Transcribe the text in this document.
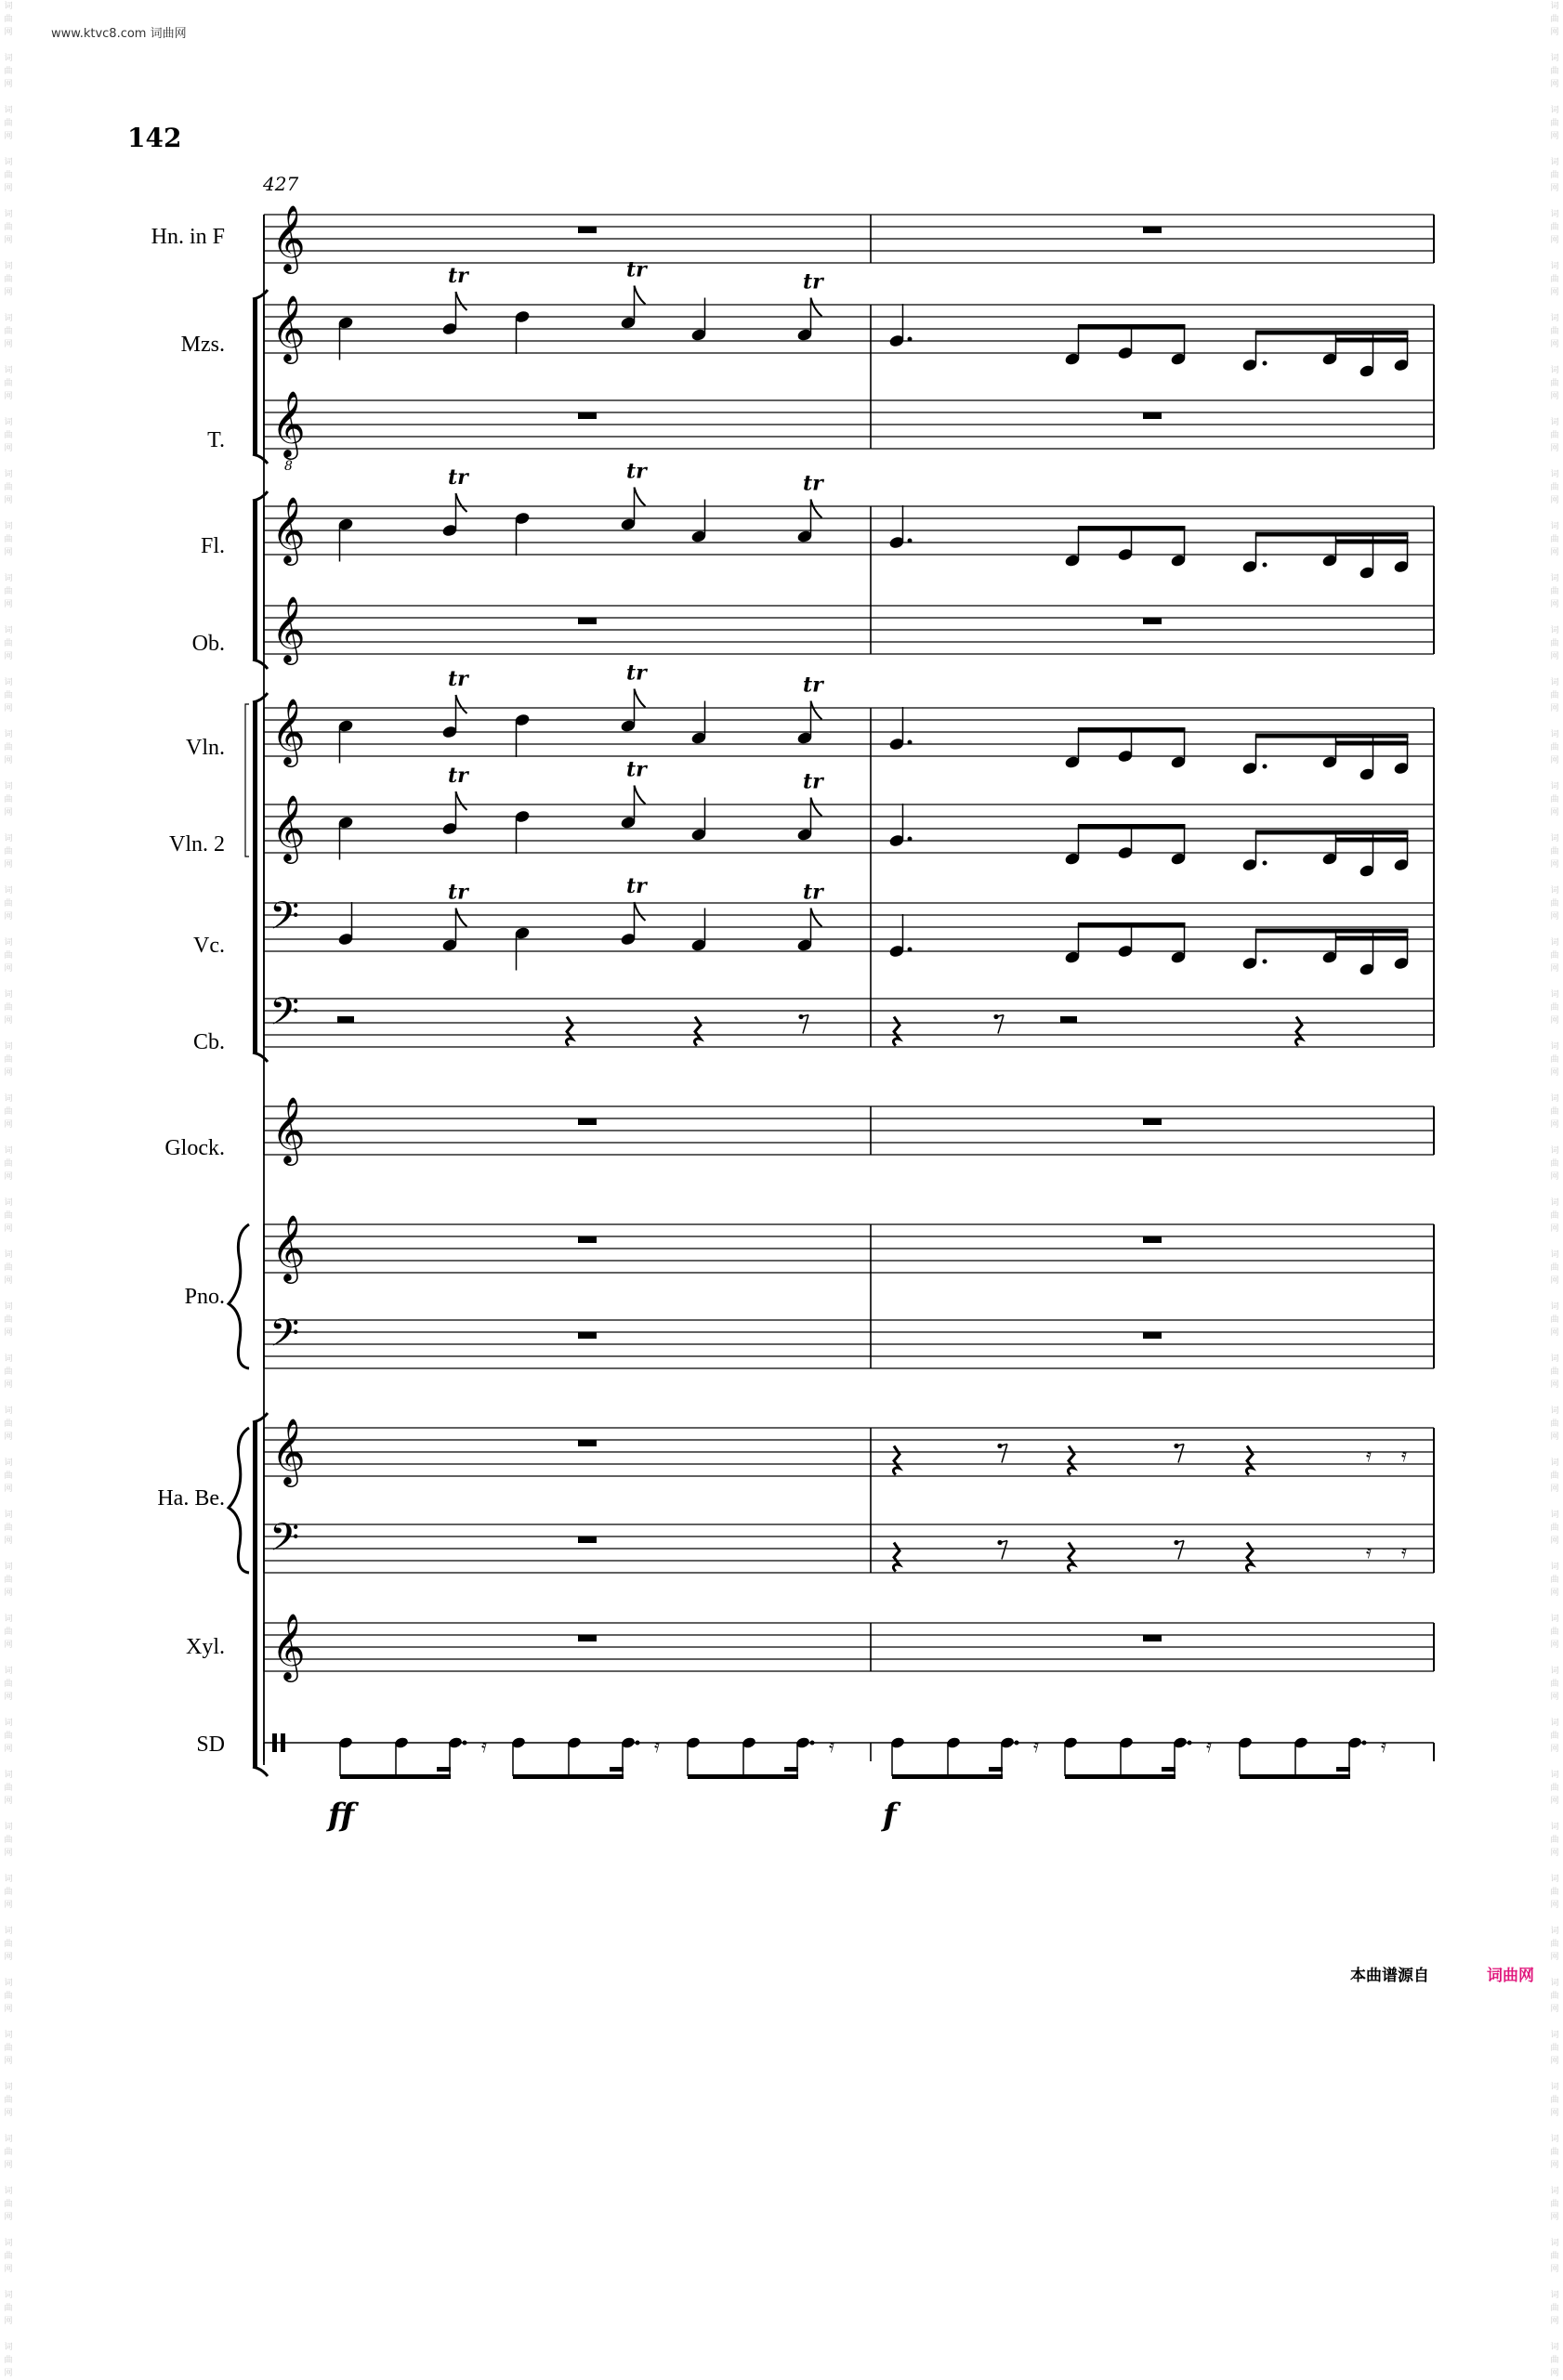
www.ktvc8.com 词曲网
142
427
词
曲
网

词
曲
网

词
曲
网

词
曲
网

词
曲
网

词
曲
网

词
曲
网

词
曲
网

词
曲
网

词
曲
网

词
曲
网

词
曲
网

词
曲
网

词
曲
网

词
曲
网

词
曲
网

词
曲
网

词
曲
网

词
曲
网

词
曲
网

词
曲
网

词
曲
网

词
曲
网

词
曲
网

词
曲
网

词
曲
网

词
曲
网

词
曲
网

词
曲
网

词
曲
网

词
曲
网

词
曲
网

词
曲
网

词
曲
网

词
曲
网

词
曲
网

词
曲
网

词
曲
网

词
曲
网

词
曲
网

词
曲
网

词
曲
网

词
曲
网

词
曲
网

词
曲
网

词
曲
网
词
曲
网

词
曲
网

词
曲
网

词
曲
网

词
曲
网

词
曲
网

词
曲
网

词
曲
网

词
曲
网

词
曲
网

词
曲
网

词
曲
网

词
曲
网

词
曲
网

词
曲
网

词
曲
网

词
曲
网

词
曲
网

词
曲
网

词
曲
网

词
曲
网

词
曲
网

词
曲
网

词
曲
网

词
曲
网

词
曲
网

词
曲
网

词
曲
网

词
曲
网

词
曲
网

词
曲
网

词
曲
网

词
曲
网

词
曲
网

词
曲
网

词
曲
网

词
曲
网

词
曲
网

词
曲
网

词
曲
网

词
曲
网

词
曲
网

词
曲
网

词
曲
网

词
曲
网

词
曲
网
Hn. in F
Mzs.
T.
Fl.
Ob.
Vln.
Vln. 2
Vc.
Cb.
Glock.
Pno.
Ha. Be.
Xyl.
SD
𝄞
𝄞
tr	tr	tr
𝄞
8
𝄞
tr	tr	tr
𝄞
𝄞
tr	tr	tr
𝄞
tr	tr	tr
𝄢
tr	tr	tr
𝄢
𝄞
𝄞
𝄢
𝄞	𝄿 𝄿
𝄢	𝄿 𝄿
𝄞
𝄿	𝄿	𝄿	𝄿	𝄿	𝄿
ff	f
本曲谱源自	词曲网
